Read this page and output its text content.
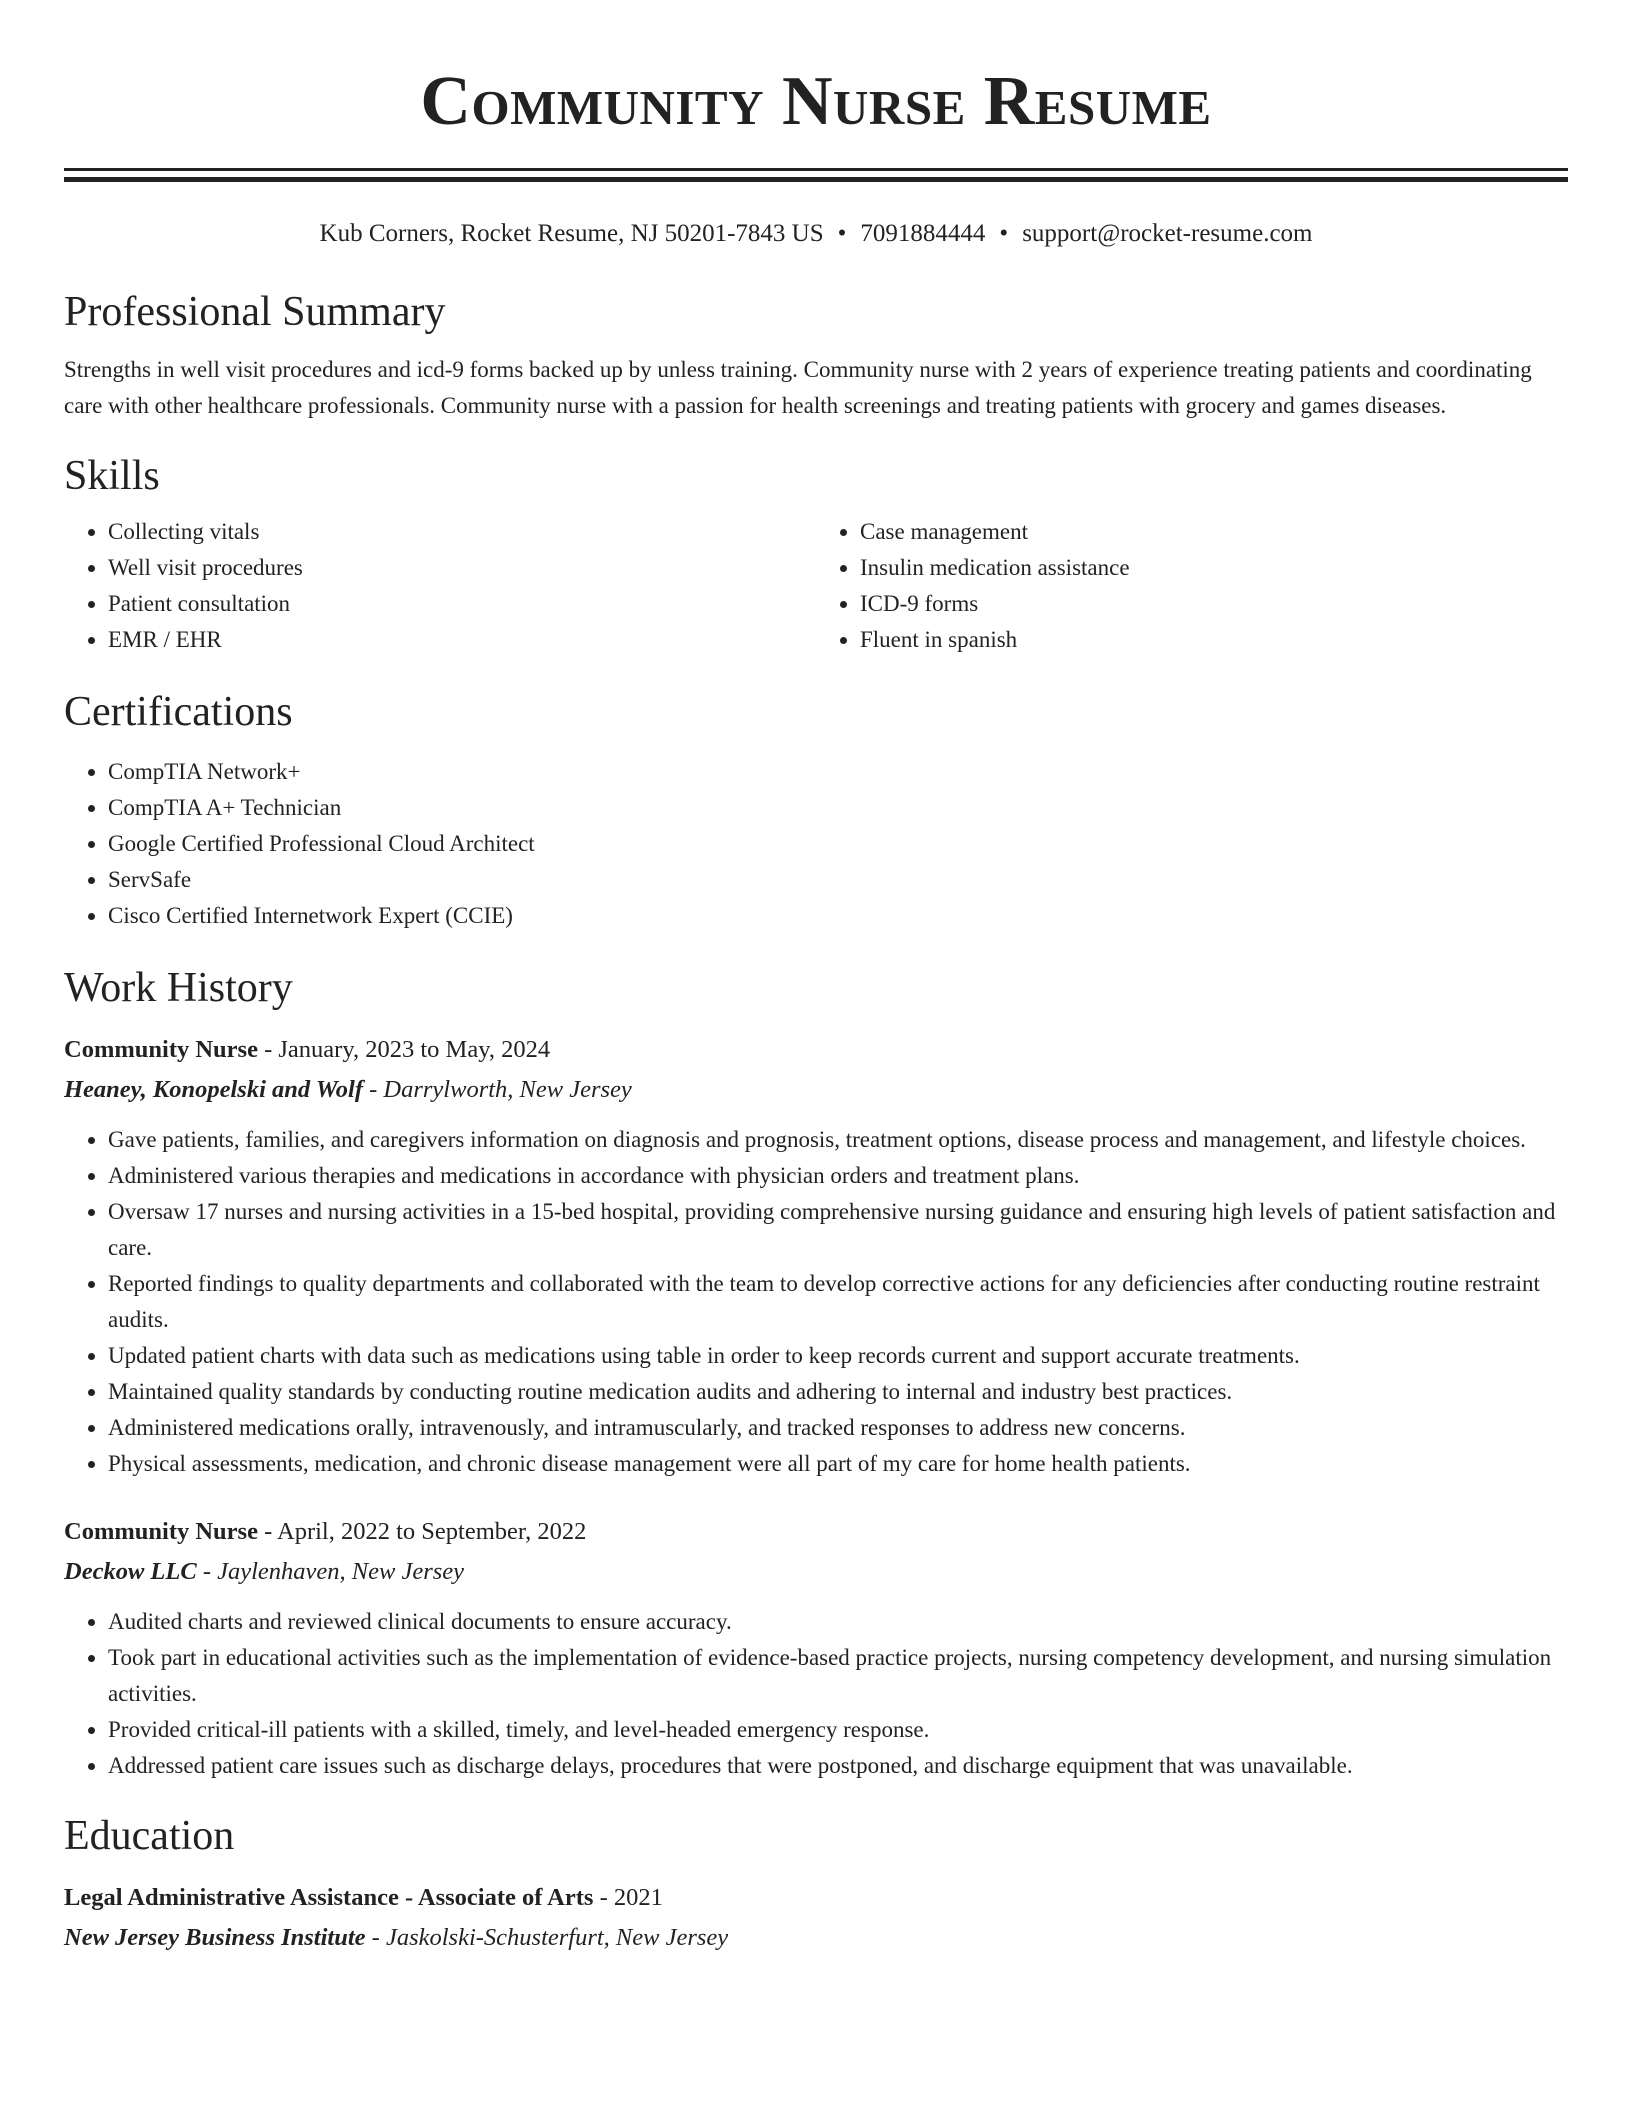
Community Nurse Resume
Kub Corners, Rocket Resume, NJ 50201-7843 US • 7091884444 • support@rocket-resume.com
Professional Summary

Strengths in well visit procedures and icd-9 forms backed up by unless training. Community nurse with 2 years of experience treating patients and coordinating care with other healthcare professionals. Community nurse with a passion for health screenings and treating patients with grocery and games diseases.

Skills
• Collecting vitals
• Well visit procedures
• Patient consultation
• EMR / EHR
• Case management
• Insulin medication assistance
• ICD-9 forms
• Fluent in spanish
Certifications
• CompTIA Network+
• CompTIA A+ Technician
• Google Certified Professional Cloud Architect
• ServSafe
• Cisco Certified Internetwork Expert (CCIE)
Work History

Community Nurse - January, 2023 to May, 2024

Heaney, Konopelski and Wolf - Darrylworth, New Jersey

• Gave patients, families, and caregivers information on diagnosis and prognosis, treatment options, disease process and management, and lifestyle choices.
• Administered various therapies and medications in accordance with physician orders and treatment plans.
• Oversaw 17 nurses and nursing activities in a 15-bed hospital, providing comprehensive nursing guidance and ensuring high levels of patient satisfaction and care.
• Reported findings to quality departments and collaborated with the team to develop corrective actions for any deficiencies after conducting routine restraint audits.
• Updated patient charts with data such as medications using table in order to keep records current and support accurate treatments.
• Maintained quality standards by conducting routine medication audits and adhering to internal and industry best practices.
• Administered medications orally, intravenously, and intramuscularly, and tracked responses to address new concerns.
• Physical assessments, medication, and chronic disease management were all part of my care for home health patients.

Community Nurse - April, 2022 to September, 2022

Deckow LLC - Jaylenhaven, New Jersey

• Audited charts and reviewed clinical documents to ensure accuracy.
• Took part in educational activities such as the implementation of evidence-based practice projects, nursing competency development, and nursing simulation activities.
• Provided critical-ill patients with a skilled, timely, and level-headed emergency response.
• Addressed patient care issues such as discharge delays, procedures that were postponed, and discharge equipment that was unavailable.
Education

Legal Administrative Assistance - Associate of Arts - 2021

New Jersey Business Institute - Jaskolski-Schusterfurt, New Jersey
